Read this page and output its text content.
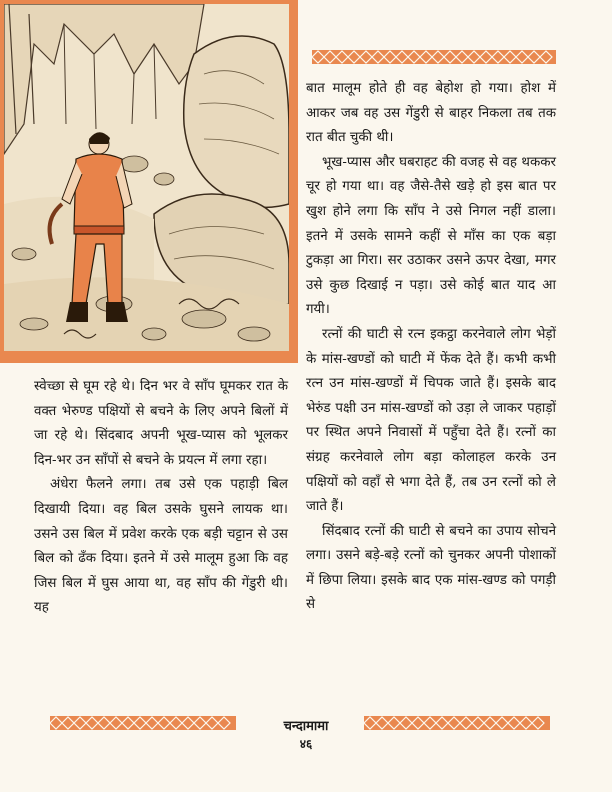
बात मालूम होते ही वह बेहोश हो गया। होश में आकर जब वह उस गेंडुरी से बाहर निकला तब तक रात बीत चुकी थी।

भूख-प्यास और घबराहट की वजह से वह थककर चूर हो गया था। वह जैसे-तैसे खड़े हो इस बात पर खुश होने लगा कि साँप ने उसे निगल नहीं डाला। इतने में उसके सामने कहीं से माँस का एक बड़ा टुकड़ा आ गिरा। सर उठाकर उसने ऊपर देखा, मगर उसे कुछ दिखाई न पड़ा। उसे कोई बात याद आ गयी।

रत्नों की घाटी से रत्न इकट्ठा करनेवाले लोग भेड़ों के मांस-खण्डों को घाटी में फेंक देते हैं। कभी कभी रत्न उन मांस-खण्डों में चिपक जाते हैं। इसके बाद भेरुंड पक्षी उन मांस-खण्डों को उड़ा ले जाकर पहाड़ों पर स्थित अपने निवासों में पहुँचा देते हैं। रत्नों का संग्रह करनेवाले लोग बड़ा कोलाहल करके उन पक्षियों को वहाँ से भगा देते हैं, तब उन रत्नों को ले जाते हैं।

सिंदबाद रत्नों की घाटी से बचने का उपाय सोचने लगा। उसने बड़े-बड़े रत्नों को चुनकर अपनी पोशाकों में छिपा लिया। इसके बाद एक मांस-खण्ड को पगड़ी से

स्वेच्छा से घूम रहे थे। दिन भर वे साँप घूमकर रात के वक्त भेरुण्ड पक्षियों से बचने के लिए अपने बिलों में जा रहे थे। सिंदबाद अपनी भूख-प्यास को भूलकर दिन-भर उन साँपों से बचने के प्रयत्न में लगा रहा।

अंधेरा फैलने लगा। तब उसे एक पहाड़ी बिल दिखायी दिया। वह बिल उसके घुसने लायक था। उसने उस बिल में प्रवेश करके एक बड़ी चट्टान से उस बिल को ढँक दिया। इतने में उसे मालूम हुआ कि वह जिस बिल में घुस आया था, वह साँप की गेंडुरी थी। यह

चन्दामामा
४६
